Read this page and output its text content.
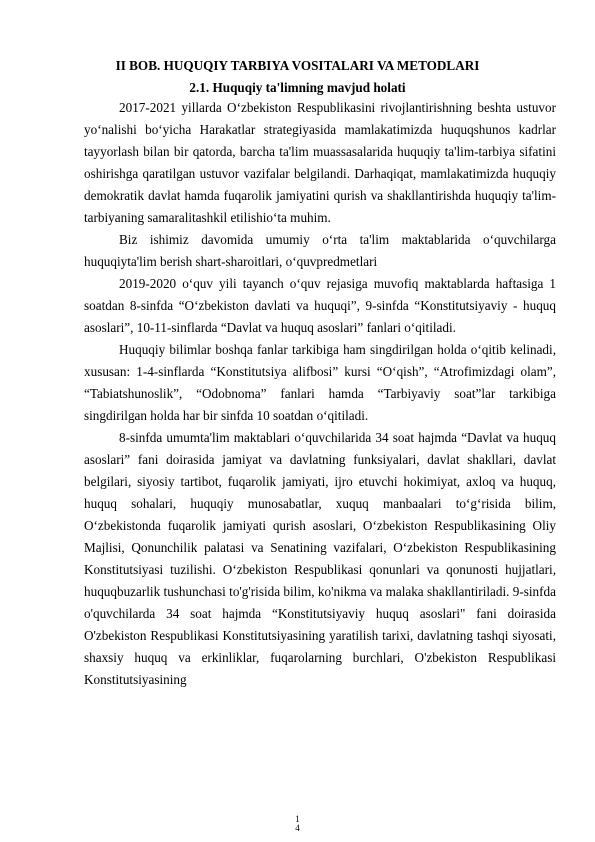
II BOB. HUQUQIY TARBIYA VOSITALARI VA METODLARI
2.1. Huquqiy ta'limning mavjud holati

2017-2021 yillarda O‘zbekiston Respublikasini rivojlantirishning beshta ustuvor yo‘nalishi bo‘yicha Harakatlar strategiyasida mamlakatimizda huquqshunos kadrlar tayyorlash bilan bir qatorda, barcha ta'lim muassasalarida huquqiy ta'lim-tarbiya sifatini oshirishga qaratilgan ustuvor vazifalar belgilandi. Darhaqiqat, mamlakatimizda huquqiy demokratik davlat hamda fuqarolik jamiyatini qurish va shakllantirishda huquqiy ta'lim-tarbiyaning samaralitashkil etilishio‘ta muhim.

Biz ishimiz davomida umumiy o‘rta ta'lim maktablarida o‘quvchilarga huquqiyta'lim berish shart-sharoitlari, o‘quvpredmetlari

2019-2020 o‘quv yili tayanch o‘quv rejasiga muvofiq maktablarda haftasiga 1 soatdan 8-sinfda “O‘zbekiston davlati va huquqi”, 9-sinfda “Konstitutsiyaviy - huquq asoslari”, 10-11-sinflarda “Davlat va huquq asoslari” fanlari o‘qitiladi.

Huquqiy bilimlar boshqa fanlar tarkibiga ham singdirilgan holda o‘qitib kelinadi, xususan: 1-4-sinflarda “Konstitutsiya alifbosi” kursi “O‘qish”, “Atrofimizdagi olam”, “Tabiatshunoslik”, “Odobnoma” fanlari hamda “Tarbiyaviy soat”lar tarkibiga singdirilgan holda har bir sinfda 10 soatdan o‘qitiladi.

8-sinfda umumta'lim maktablari o‘quvchilarida 34 soat hajmda “Davlat va huquq asoslari” fani doirasida jamiyat va davlatning funksiyalari, davlat shakllari, davlat belgilari, siyosiy tartibot, fuqarolik jamiyati, ijro etuvchi hokimiyat, axloq va huquq, huquq sohalari, huquqiy munosabatlar, xuquq manbaalari to‘g‘risida bilim, O‘zbekistonda fuqarolik jamiyati qurish asoslari, O‘zbekiston Respublikasining Oliy Majlisi, Qonunchilik palatasi va Senatining vazifalari, O‘zbekiston Respublikasining Konstitutsiyasi tuzilishi. O‘zbekiston Respublikasi qonunlari va qonunosti hujjatlari, huquqbuzarlik tushunchasi to'g'risida bilim, ko'nikma va malaka shakllantiriladi. 9-sinfda o'quvchilarda 34 soat hajmda “Konstitutsiyaviy huquq asoslari" fani doirasida O'zbekiston Respublikasi Konstitutsiyasining yaratilish tarixi, davlatning tashqi siyosati, shaxsiy huquq va erkinliklar, fuqarolarning burchlari, O'zbekiston Respublikasi Konstitutsiyasining

1
4
